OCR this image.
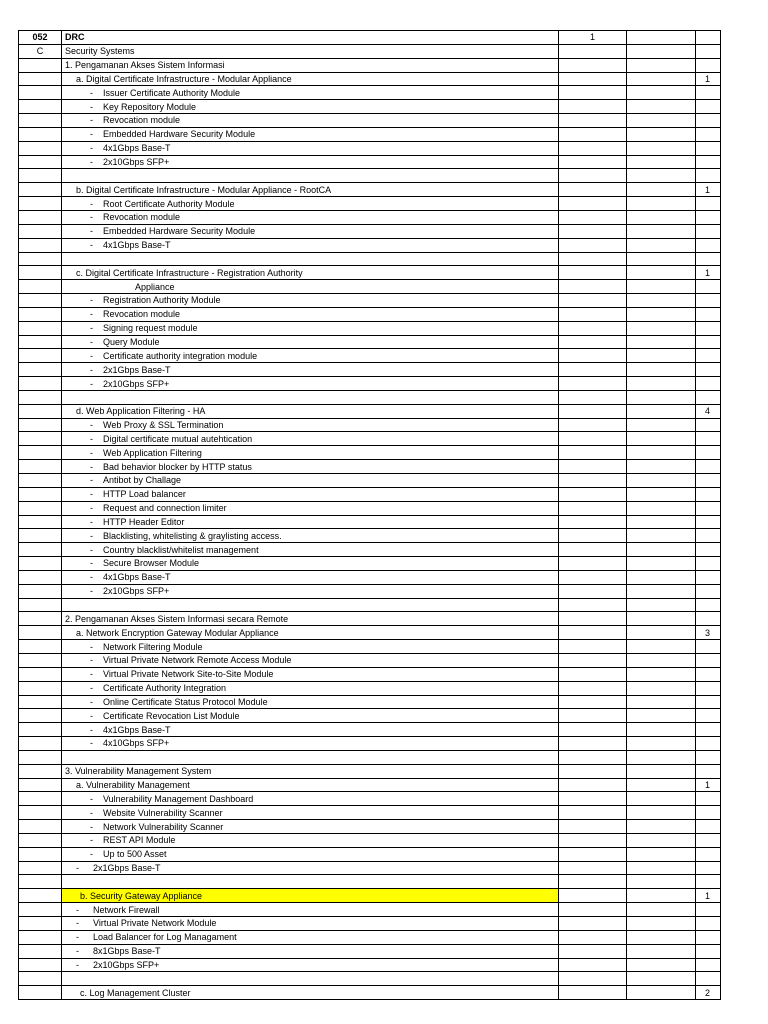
052	DRC	1		
C	Security Systems			
	1. Pengamanan Akses Sistem Informasi			
	a. Digital Certificate Infrastructure - Modular Appliance			1
	- Issuer Certificate Authority Module			
	- Key Repository Module			
	- Revocation module			
	- Embedded Hardware Security Module			
	- 4x1Gbps Base-T			
	- 2x10Gbps SFP+			

	b. Digital Certificate Infrastructure - Modular Appliance - RootCA			1
	- Root Certificate Authority Module			
	- Revocation module			
	- Embedded Hardware Security Module			
	- 4x1Gbps Base-T			

	c. Digital Certificate Infrastructure - Registration Authority			1
	Appliance			
	- Registration Authority Module			
	- Revocation module			
	- Signing request module			
	- Query Module			
	- Certificate authority integration module			
	- 2x1Gbps Base-T			
	- 2x10Gbps SFP+			

	d. Web Application Filtering - HA			4
	- Web Proxy & SSL Termination			
	- Digital certificate mutual autehtication			
	- Web Application Filtering			
	- Bad behavior blocker by HTTP status			
	- Antibot by Challage			
	- HTTP Load balancer			
	- Request and connection limiter			
	- HTTP Header Editor			
	- Blacklisting, whitelisting & graylisting access.			
	- Country blacklist/whitelist management			
	- Secure Browser Module			
	- 4x1Gbps Base-T			
	- 2x10Gbps SFP+			

	2. Pengamanan Akses Sistem Informasi secara Remote			
	a. Network Encryption Gateway Modular Appliance			3
	- Network Filtering Module			
	- Virtual Private Network Remote Access Module			
	- Virtual Private Network Site-to-Site Module			
	- Certificate Authority Integration			
	- Online Certificate Status Protocol Module			
	- Certificate Revocation List Module			
	- 4x1Gbps Base-T			
	- 4x10Gbps SFP+			

	3. Vulnerability Management System			
	a. Vulnerability Management			1
	- Vulnerability Management Dashboard			
	- Website Vulnerability Scanner			
	- Network Vulnerability Scanner			
	- REST API Module			
	- Up to 500 Asset			
	- 2x1Gbps Base-T			

	b. Security Gateway Appliance			1
	- Network Firewall			
	- Virtual Private Network Module			
	- Load Balancer for Log Managament			
	- 8x1Gbps Base-T			
	- 2x10Gbps SFP+			

	c. Log Management Cluster			2
